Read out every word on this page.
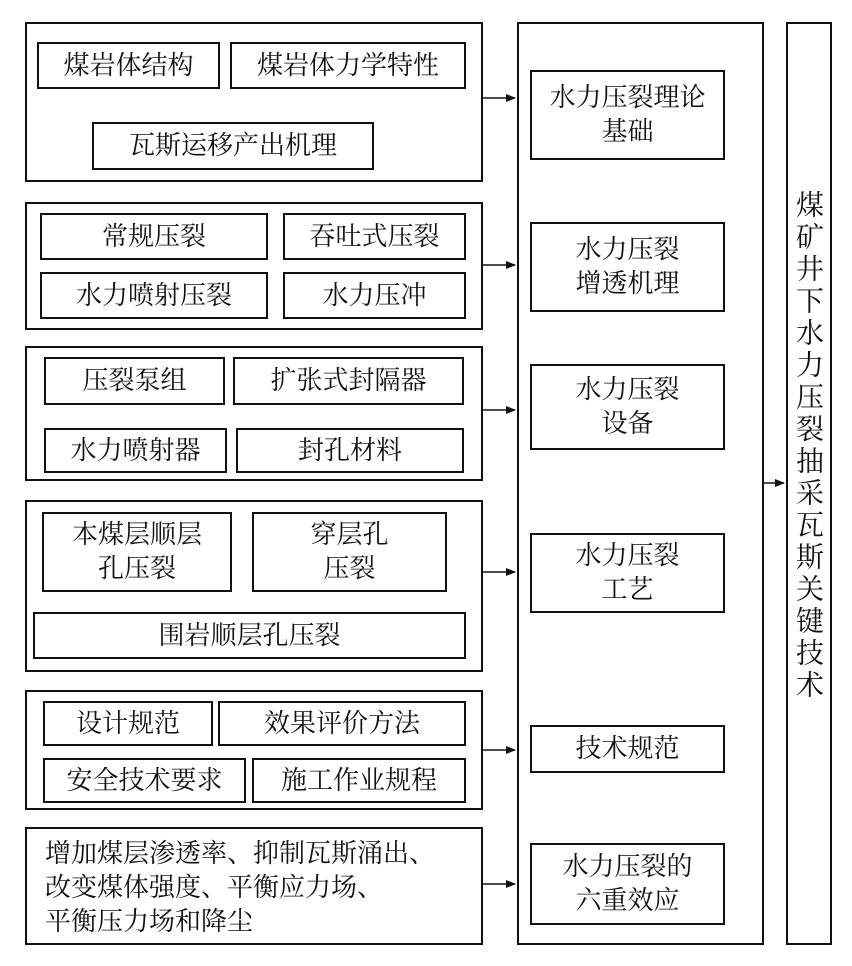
煤岩体结构	煤岩体力学特性
瓦斯运移产出机理
常规压裂	吞吐式压裂
水力喷射压裂	水力压冲
压裂泵组	扩张式封隔器
水力喷射器	封孔材料
本煤层顺层
孔压裂
穿层孔
压裂
围岩顺层孔压裂
设计规范	效果评价方法
安全技术要求	施工作业规程
增加煤层渗透率、抑制瓦斯涌出、
改变煤体强度、平衡应力场、
平衡压力场和降尘
水力压裂理论
基础
水力压裂
增透机理
水力压裂
设备
水力压裂
工艺
技术规范
水力压裂的
六重效应
煤矿井下水力压裂抽采瓦斯关键技术
